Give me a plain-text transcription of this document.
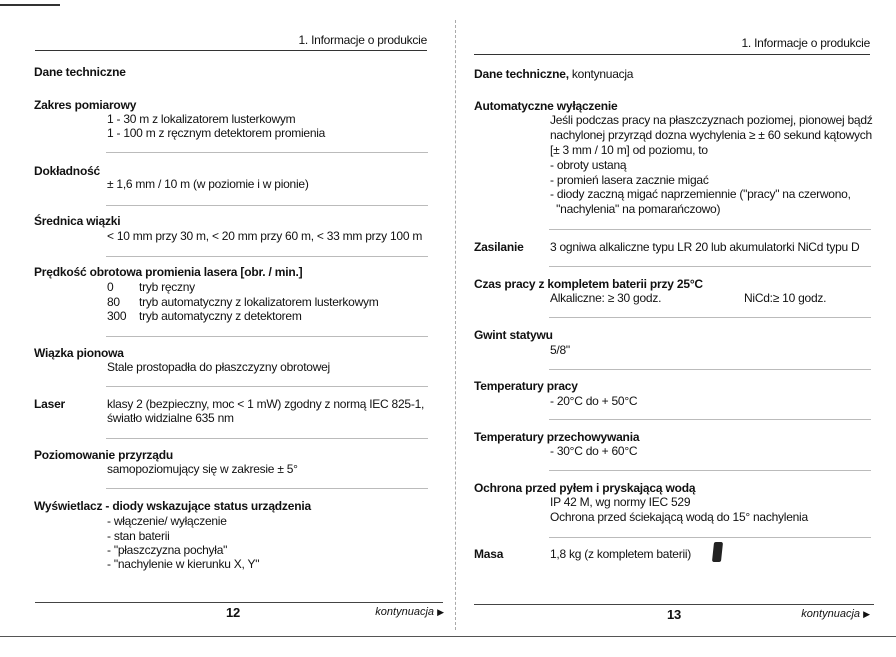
1. Informacje o produkcie
Dane techniczne
Zakres pomiarowy
1 - 30 m z lokalizatorem lusterkowym
1 - 100 m z ręcznym detektorem promienia
Dokładność
± 1,6 mm / 10 m (w poziomie i w pionie)
Średnica wiązki
< 10 mm przy 30 m, < 20 mm przy 60 m, < 33 mm przy 100 m
Prędkość obrotowa promienia lasera [obr. / min.]
0 tryb ręczny
80 tryb automatyczny z lokalizatorem lusterkowym
300 tryb automatyczny z detektorem
Wiązka pionowa
Stale prostopadła do płaszczyzny obrotowej
Laser	klasy 2 (bezpieczny, moc < 1 mW) zgodny z normą IEC 825-1,
światło widzialne 635 nm
Poziomowanie przyrządu
samopoziomujący się w zakresie ± 5°
Wyświetlacz - diody wskazujące status urządzenia
- włączenie/ wyłączenie
- stan baterii
- "płaszczyzna pochyła"
- "nachylenie w kierunku X, Y"
12	kontynuacja ▶
1. Informacje o produkcie
Dane techniczne, kontynuacja
Automatyczne wyłączenie
Jeśli podczas pracy na płaszczyznach poziomej, pionowej bądź
nachylonej przyrząd dozna wychylenia ≥ ± 60 sekund kątowych
[± 3 mm / 10 m] od poziomu, to
- obroty ustaną
- promień lasera zacznie migać
- diody zaczną migać naprzemiennie ("pracy" na czerwono,
"nachylenia" na pomarańczowo)
Zasilanie 3 ogniwa alkaliczne typu LR 20 lub akumulatorki NiCd typu D
Czas pracy z kompletem baterii przy 25°C
Alkaliczne: ≥ 30 godz.	NiCd:≥ 10 godz.
Gwint statywu
5/8"
Temperatury pracy
- 20°C do + 50°C
Temperatury przechowywania
- 30°C do + 60°C
Ochrona przed pyłem i pryskającą wodą
IP 42 M, wg normy IEC 529
Ochrona przed ściekającą wodą do 15° nachylenia
Masa	1,8 kg (z kompletem baterii)
13	kontynuacja ▶
